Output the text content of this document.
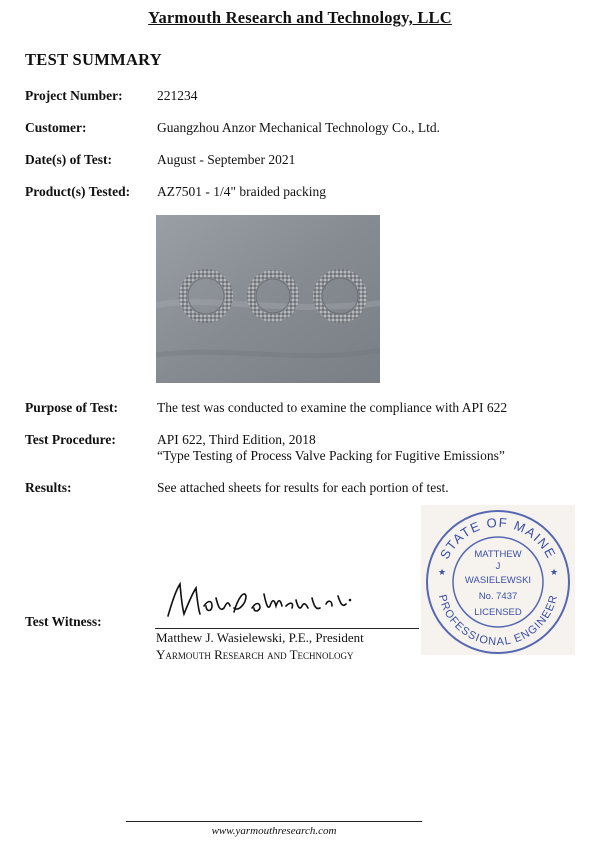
Yarmouth Research and Technology, LLC
TEST SUMMARY
Project Number:	221234
Customer:	Guangzhou Anzor Mechanical Technology Co., Ltd.
Date(s) of Test:	August - September 2021
Product(s) Tested: AZ7501 - 1/4" braided packing
Purpose of Test:	The test was conducted to examine the compliance with API 622
Test Procedure:	API 622, Third Edition, 2018
“Type Testing of Process Valve Packing for Fugitive Emissions”
Results:	See attached sheets for results for each portion of test.
STATE OF MAINE
PROFESSIONAL ENGINEER
★	★
MATTHEW
J
WASIELEWSKI
No. 7437
LICENSED
Test Witness:
Matthew J. Wasielewski, P.E., President
Yarmouth Research and Technology
www.yarmouthresearch.com
